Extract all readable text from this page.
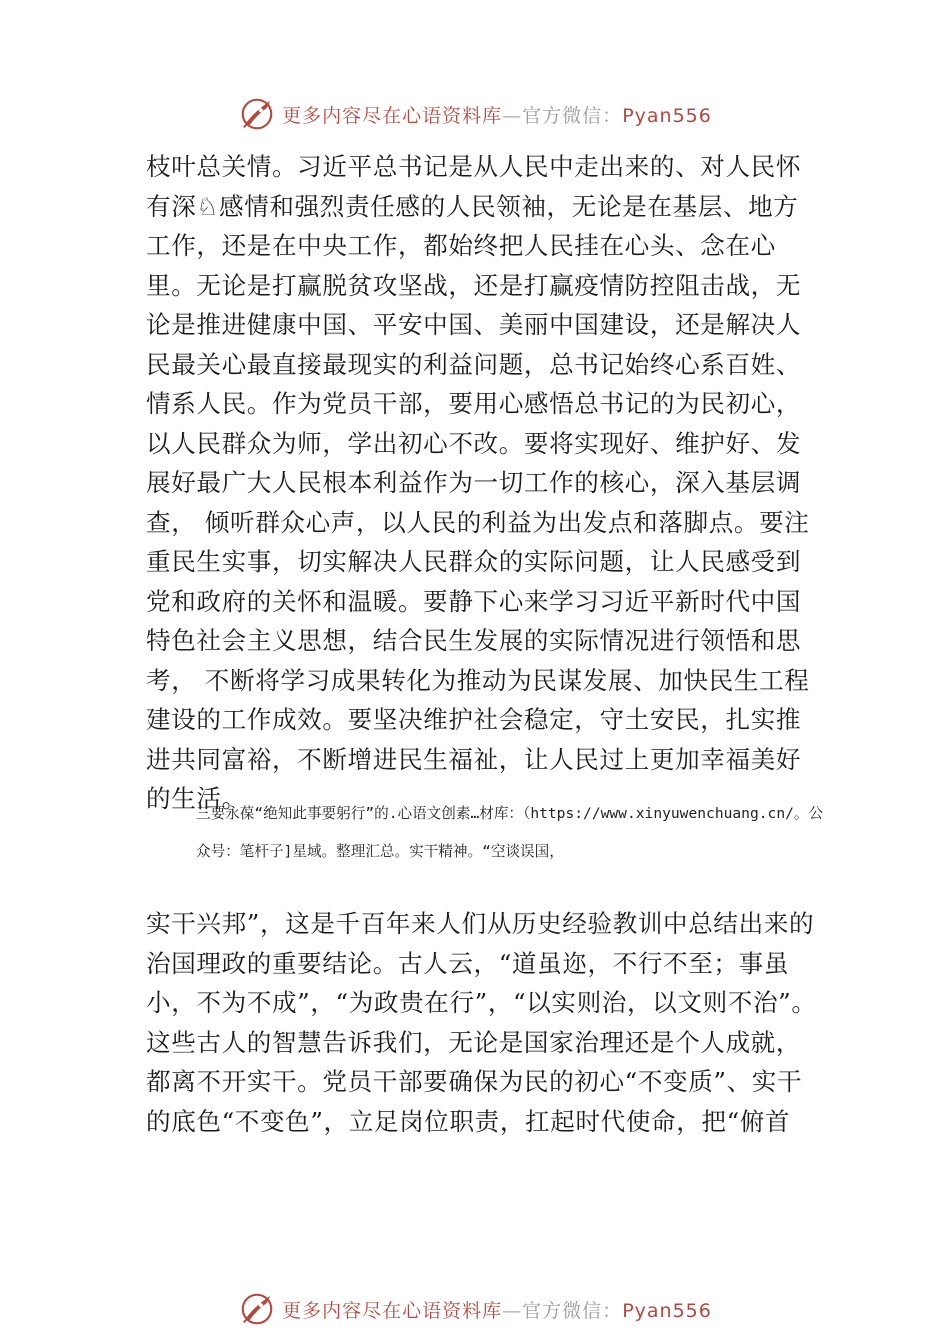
更多内容尽在心语资料库—官方微信：Pyan556

枝叶总关情。习近平总书记是从人民中走出来的、对人民怀有深♘感情和强烈责任感的人民领袖，无论是在基层、地方工作，还是在中央工作，都始终把人民挂在心头、念在心里。无论是打赢脱贫攻坚战，还是打赢疫情防控阻击战，无论是推进健康中国、平安中国、美丽中国建设，还是解决人民最关心最直接最现实的利益问题，总书记始终心系百姓、情系人民。作为党员干部，要用心感悟总书记的为民初心，以人民群众为师，学出初心不改。要将实现好、维护好、发展好最广大人民根本利益作为一切工作的核心，深入基层调查， 倾听群众心声，以人民的利益为出发点和落脚点。要注重民生实事，切实解决人民群众的实际问题，让人民感受到党和政府的关怀和温暖。要静下心来学习习近平新时代中国特色社会主义思想，结合民生发展的实际情况进行领悟和思考， 不断将学习成果转化为推动为民谋发展、加快民生工程建设的工作成效。要坚决维护社会稳定，守土安民，扎实推进共同富裕，不断增进民生福祉，让人民过上更加幸福美好的生活。

三要永葆“绝知此事要躬行”的.心语文创素…材库：（https://www.xinyuwenchuang.cn/。公众号：笔杆子]星域。整理汇总。实干精神。“空谈误国，

实干兴邦”，这是千百年来人们从历史经验教训中总结出来的治国理政的重要结论。古人云，“道虽迩，不行不至；事虽小，不为不成”，“为政贵在行”，“以实则治，以文则不治”。这些古人的智慧告诉我们，无论是国家治理还是个人成就， 都离不开实干。党员干部要确保为民的初心“不变质”、实干的底色“不变色”，立足岗位职责，扛起时代使命，把“俯首

更多内容尽在心语资料库—官方微信：Pyan556
